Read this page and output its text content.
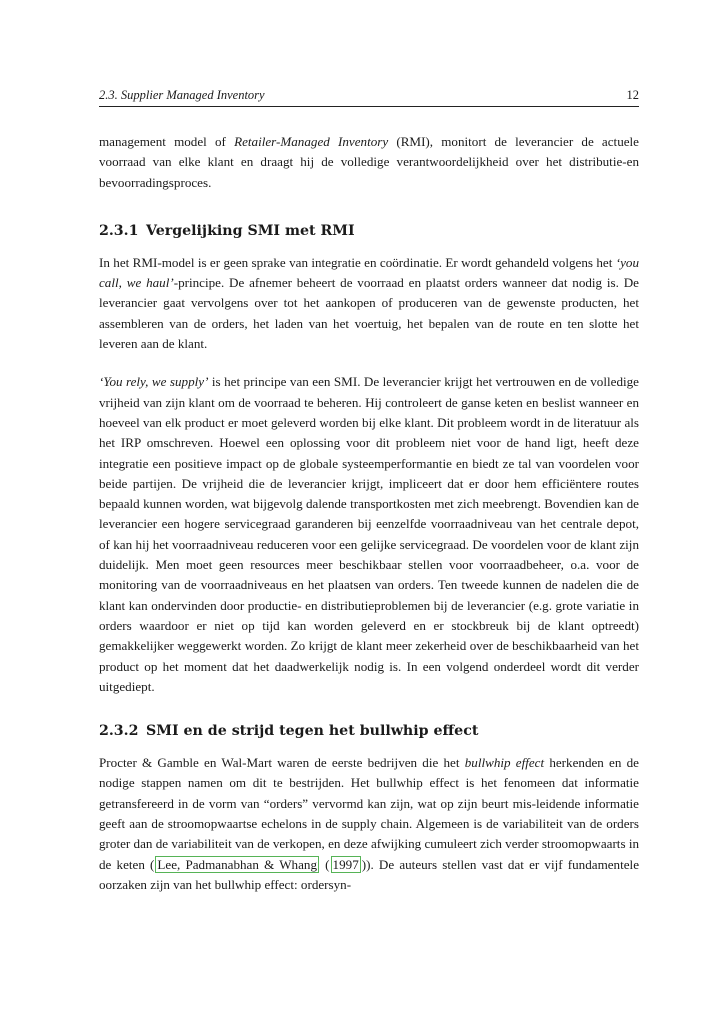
2.3. Supplier Managed Inventory	12

management model of Retailer-Managed Inventory (RMI), monitort de leverancier de actuele voorraad van elke klant en draagt hij de volledige verantwoordelijkheid over het distributie-en bevoorradingsproces.

2.3.1 Vergelijking SMI met RMI

In het RMI-model is er geen sprake van integratie en coördinatie. Er wordt gehandeld volgens het ‘you call, we haul’-principe. De afnemer beheert de voorraad en plaatst orders wanneer dat nodig is. De leverancier gaat vervolgens over tot het aankopen of produceren van de gewenste producten, het assembleren van de orders, het laden van het voertuig, het bepalen van de route en ten slotte het leveren aan de klant.

‘You rely, we supply’ is het principe van een SMI. De leverancier krijgt het vertrouwen en de volledige vrijheid van zijn klant om de voorraad te beheren. Hij controleert de ganse keten en beslist wanneer en hoeveel van elk product er moet geleverd worden bij elke klant. Dit probleem wordt in de literatuur als het IRP omschreven. Hoewel een oplossing voor dit probleem niet voor de hand ligt, heeft deze integratie een positieve impact op de globale systeemperformantie en biedt ze tal van voordelen voor beide partijen. De vrijheid die de leverancier krijgt, impliceert dat er door hem efficiëntere routes bepaald kunnen worden, wat bijgevolg dalende transportkosten met zich meebrengt. Bovendien kan de leverancier een hogere servicegraad garanderen bij eenzelfde voorraadniveau van het centrale depot, of kan hij het voorraadniveau reduceren voor een gelijke servicegraad. De voordelen voor de klant zijn duidelijk. Men moet geen resources meer beschikbaar stellen voor voorraadbeheer, o.a. voor de monitoring van de voorraadniveaus en het plaatsen van orders. Ten tweede kunnen de nadelen die de klant kan ondervinden door productie- en distributieproblemen bij de leverancier (e.g. grote variatie in orders waardoor er niet op tijd kan worden geleverd en er stockbreuk bij de klant optreedt) gemakkelijker weggewerkt worden. Zo krijgt de klant meer zekerheid over de beschikbaarheid van het product op het moment dat het daadwerkelijk nodig is. In een volgend onderdeel wordt dit verder uitgediept.

2.3.2 SMI en de strijd tegen het bullwhip effect

Procter & Gamble en Wal-Mart waren de eerste bedrijven die het bullwhip effect herkenden en de nodige stappen namen om dit te bestrijden. Het bullwhip effect is het fenomeen dat informatie getransfereerd in de vorm van “orders” vervormd kan zijn, wat op zijn beurt mis-leidende informatie geeft aan de stroomopwaartse echelons in de supply chain. Algemeen is de variabiliteit van de orders groter dan de variabiliteit van de verkopen, en deze afwijking cumuleert zich verder stroomopwaarts in de keten ( Lee, Padmanabhan & Whang ( 1997 )). De auteurs stellen vast dat er vijf fundamentele oorzaken zijn van het bullwhip effect: ordersyn-
